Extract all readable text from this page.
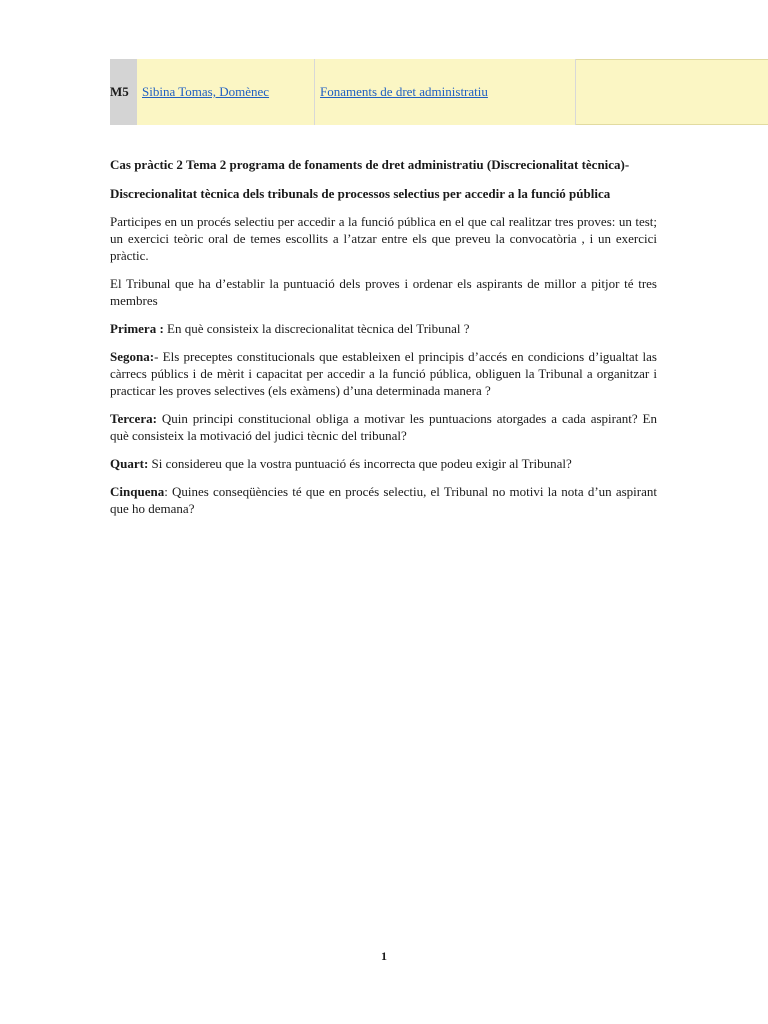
M5 Sibina Tomas, Domènec	Fonaments de dret administratiu
Cas pràctic 2 Tema 2 programa de fonaments de dret administratiu (Discrecionalitat tècnica)-
Discrecionalitat tècnica dels tribunals de processos selectius per accedir a la funció pública

Participes en un procés selectiu per accedir a la funció pública en el que cal realitzar tres proves: un test; un exercici teòric oral de temes escollits a l’atzar entre els que preveu la convocatòria , i un exercici pràctic.

El Tribunal que ha d’establir la puntuació dels proves i ordenar els aspirants de millor a pitjor té tres membres

Primera : En què consisteix la discrecionalitat tècnica del Tribunal ?

Segona:- Els preceptes constitucionals que estableixen el principis d’accés en condicions d’igualtat las càrrecs públics i de mèrit i capacitat per accedir a la funció pública, obliguen la Tribunal a organitzar i practicar les proves selectives (els exàmens) d’una determinada manera ?

Tercera: Quin principi constitucional obliga a motivar les puntuacions atorgades a cada aspirant? En què consisteix la motivació del judici tècnic del tribunal?

Quart: Si considereu que la vostra puntuació és incorrecta que podeu exigir al Tribunal?

Cinquena: Quines conseqüències té que en procés selectiu, el Tribunal no motivi la nota d’un aspirant que ho demana?

1
